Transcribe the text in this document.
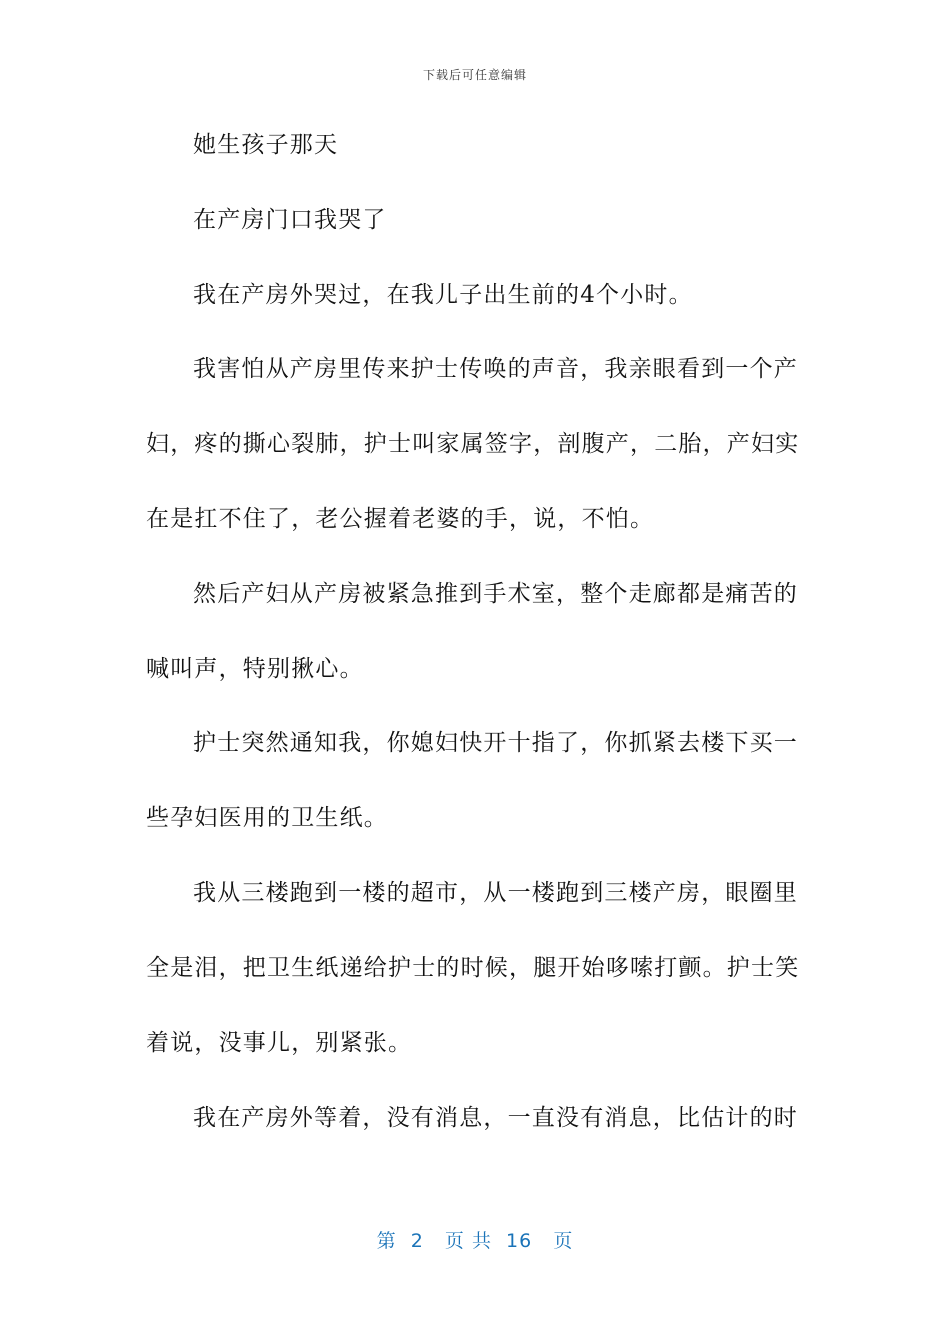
下载后可任意编辑
她生孩子那天
在产房门口我哭了
我在产房外哭过，在我儿子出生前的4个小时。
我害怕从产房里传来护士传唤的声音，我亲眼看到一个产
妇，疼的撕心裂肺，护士叫家属签字，剖腹产，二胎，产妇实
在是扛不住了，老公握着老婆的手，说，不怕。
然后产妇从产房被紧急推到手术室，整个走廊都是痛苦的
喊叫声，特别揪心。
护士突然通知我，你媳妇快开十指了，你抓紧去楼下买一
些孕妇医用的卫生纸。
我从三楼跑到一楼的超市，从一楼跑到三楼产房，眼圈里
全是泪，把卫生纸递给护士的时候，腿开始哆嗦打颤。护士笑
着说，没事儿，别紧张。
我在产房外等着，没有消息，一直没有消息，比估计的时
第  2   页 共  16   页
